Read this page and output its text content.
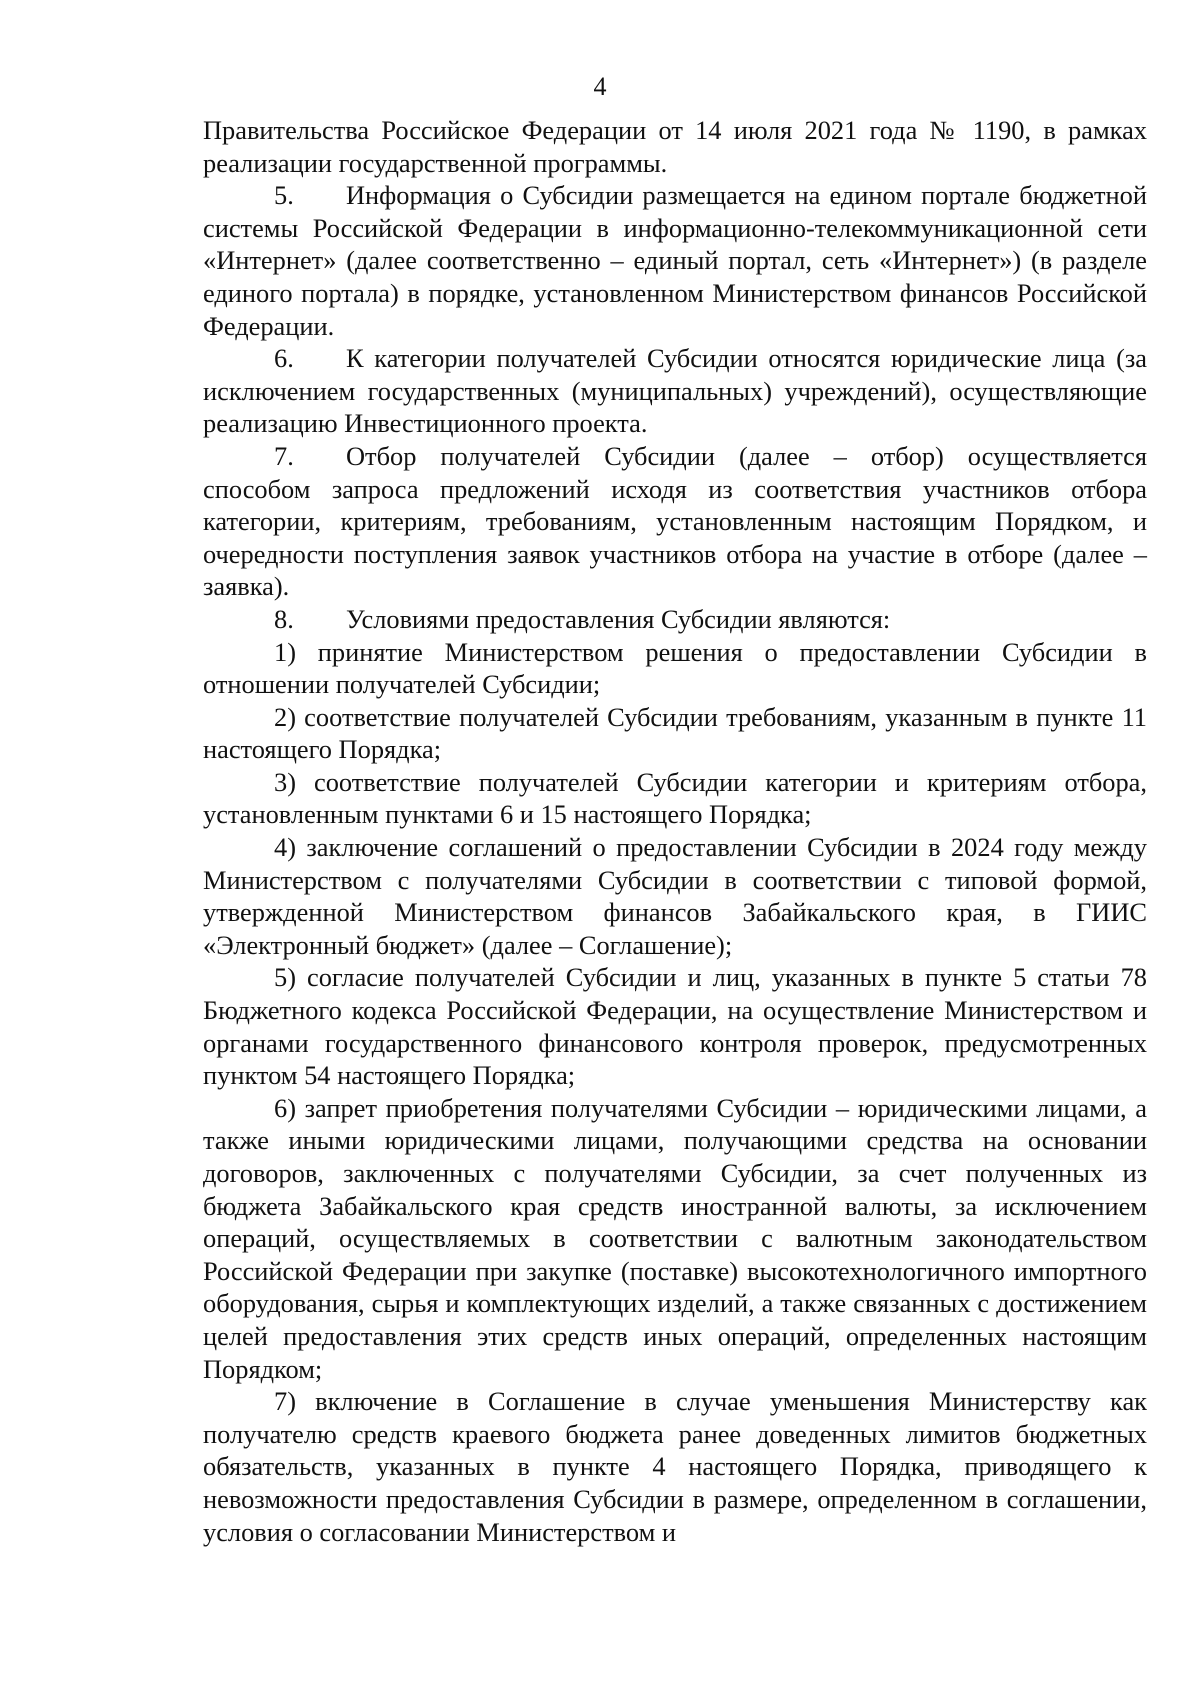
4

Правительства Российское Федерации от 14 июля 2021 года № 1190, в рамках реализации государственной программы.

5. Информация о Субсидии размещается на едином портале бюджетной системы Российской Федерации в информационно-телекоммуникационной сети «Интернет» (далее соответственно – единый портал, сеть «Интернет») (в разделе единого портала) в порядке, установленном Министерством финансов Российской Федерации.

6. К категории получателей Субсидии относятся юридические лица (за исключением государственных (муниципальных) учреждений), осуществляющие реализацию Инвестиционного проекта.

7. Отбор получателей Субсидии (далее – отбор) осуществляется способом запроса предложений исходя из соответствия участников отбора категории, критериям, требованиям, установленным настоящим Порядком, и очередности поступления заявок участников отбора на участие в отборе (далее – заявка).

8. Условиями предоставления Субсидии являются:

1) принятие Министерством решения о предоставлении Субсидии в отношении получателей Субсидии;

2) соответствие получателей Субсидии требованиям, указанным в пункте 11 настоящего Порядка;

3) соответствие получателей Субсидии категории и критериям отбора, установленным пунктами 6 и 15 настоящего Порядка;

4) заключение соглашений о предоставлении Субсидии в 2024 году между Министерством с получателями Субсидии в соответствии с типовой формой, утвержденной Министерством финансов Забайкальского края, в ГИИС «Электронный бюджет» (далее – Соглашение);

5) согласие получателей Субсидии и лиц, указанных в пункте 5 статьи 78 Бюджетного кодекса Российской Федерации, на осуществление Министерством и органами государственного финансового контроля проверок, предусмотренных пунктом 54 настоящего Порядка;

6) запрет приобретения получателями Субсидии – юридическими лицами, а также иными юридическими лицами, получающими средства на основании договоров, заключенных с получателями Субсидии, за счет полученных из бюджета Забайкальского края средств иностранной валюты, за исключением операций, осуществляемых в соответствии с валютным законодательством Российской Федерации при закупке (поставке) высокотехнологичного импортного оборудования, сырья и комплектующих изделий, а также связанных с достижением целей предоставления этих средств иных операций, определенных настоящим Порядком;

7) включение в Соглашение в случае уменьшения Министерству как получателю средств краевого бюджета ранее доведенных лимитов бюджетных обязательств, указанных в пункте 4 настоящего Порядка, приводящего к невозможности предоставления Субсидии в размере, определенном в соглашении, условия о согласовании Министерством и
